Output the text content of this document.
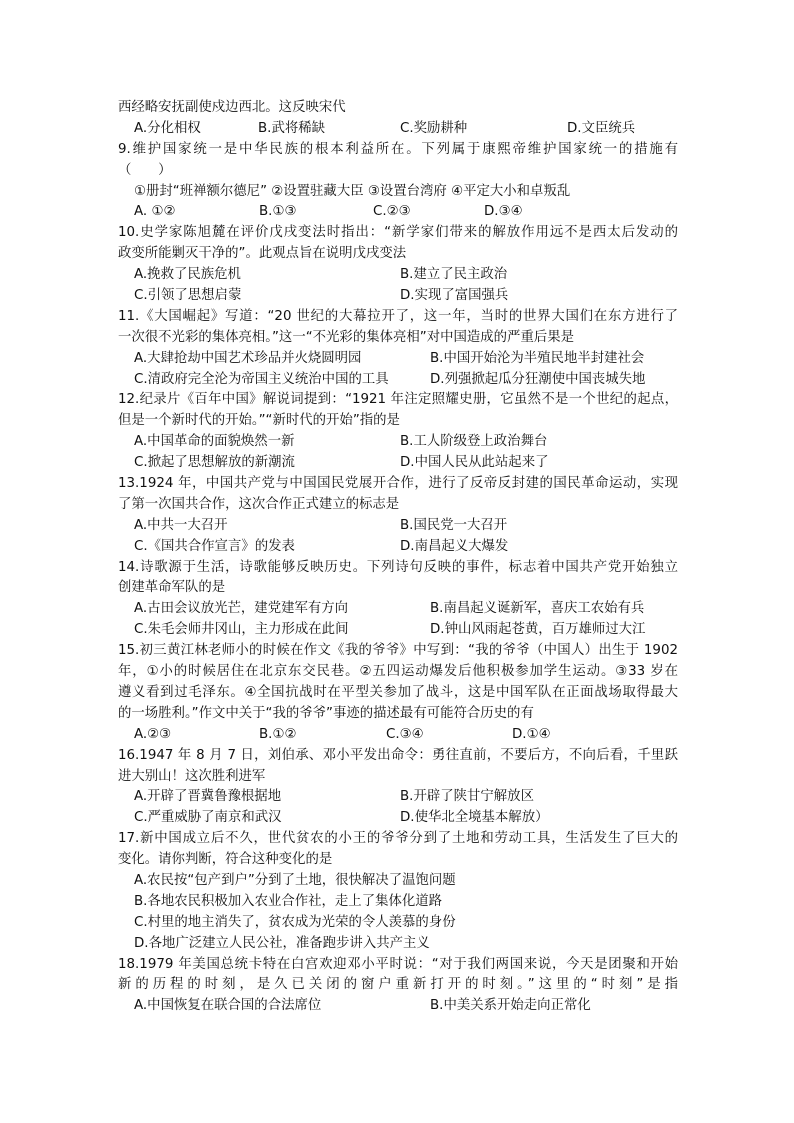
西经略安抚副使戍边西北。这反映宋代
A.分化相权	B.武将稀缺	C.奖励耕种	D.文臣统兵
9.维护国家统一是中华民族的根本利益所在。下列属于康熙帝维护国家统一的措施有
（　　）
①册封“班禅额尔德尼” ②设置驻藏大臣 ③设置台湾府 ④平定大小和卓叛乱
A. ①②	B.①③	C.②③	D.③④
10.史学家陈旭麓在评价戊戌变法时指出：“新学家们带来的解放作用远不是西太后发动的
政变所能剿灭干净的”。此观点旨在说明戊戌变法
A.挽救了民族危机	B.建立了民主政治
C.引领了思想启蒙	D.实现了富国强兵
11.《大国崛起》写道：“20 世纪的大幕拉开了，这一年，当时的世界大国们在东方进行了
一次很不光彩的集体亮相。”这一“不光彩的集体亮相”对中国造成的严重后果是
A.大肆抢劫中国艺术珍品并火烧圆明园	B.中国开始沦为半殖民地半封建社会
C.清政府完全沦为帝国主义统治中国的工具	D.列强掀起瓜分狂潮使中国丧城失地
12.纪录片《百年中国》解说词提到：“1921 年注定照耀史册，它虽然不是一个世纪的起点，
但是一个新时代的开始。”“新时代的开始”指的是
A.中国革命的面貌焕然一新	B.工人阶级登上政治舞台
C.掀起了思想解放的新潮流	D.中国人民从此站起来了
13.1924 年，中国共产党与中国国民党展开合作，进行了反帝反封建的国民革命运动，实现
了第一次国共合作，这次合作正式建立的标志是
A.中共一大召开	B.国民党一大召开
C.《国共合作宣言》的发表	D.南昌起义大爆发
14.诗歌源于生活，诗歌能够反映历史。下列诗句反映的事件，标志着中国共产党开始独立
创建革命军队的是
A.古田会议放光芒，建党建军有方向	B.南昌起义诞新军，喜庆工农始有兵
C.朱毛会师井冈山，主力形成在此间	D.钟山风雨起苍黄，百万雄师过大江
15.初三黄江林老师小的时候在作文《我的爷爷》中写到：“我的爷爷（中国人）出生于 1902
年，①小的时候居住在北京东交民巷。②五四运动爆发后他积极参加学生运动。③33 岁在
遵义看到过毛泽东。④全国抗战时在平型关参加了战斗，这是中国军队在正面战场取得最大
的一场胜利。”作文中关于“我的爷爷”事迹的描述最有可能符合历史的有
A.②③	B.①②	C.③④	D.①④
16.1947 年 8 月 7 日，刘伯承、邓小平发出命令：勇往直前，不要后方，不向后看，千里跃
进大别山！这次胜利进军
A.开辟了晋冀鲁豫根据地	B.开辟了陕甘宁解放区
C.严重威胁了南京和武汉	D.使华北全境基本解放）
17.新中国成立后不久，世代贫农的小王的爷爷分到了土地和劳动工具，生活发生了巨大的
变化。请你判断，符合这种变化的是
A.农民按“包产到户”分到了土地，很快解决了温饱问题
B.各地农民积极加入农业合作社，走上了集体化道路
C.村里的地主消失了，贫农成为光荣的令人羡慕的身份
D.各地广泛建立人民公社，准备跑步讲入共产主义
18.1979 年美国总统卡特在白宫欢迎邓小平时说：“对于我们两国来说，今天是团聚和开始
新的历程的时刻，是久已关闭的窗户重新打开的时刻。”这里的“时刻”是指
A.中国恢复在联合国的合法席位	B.中美关系开始走向正常化
